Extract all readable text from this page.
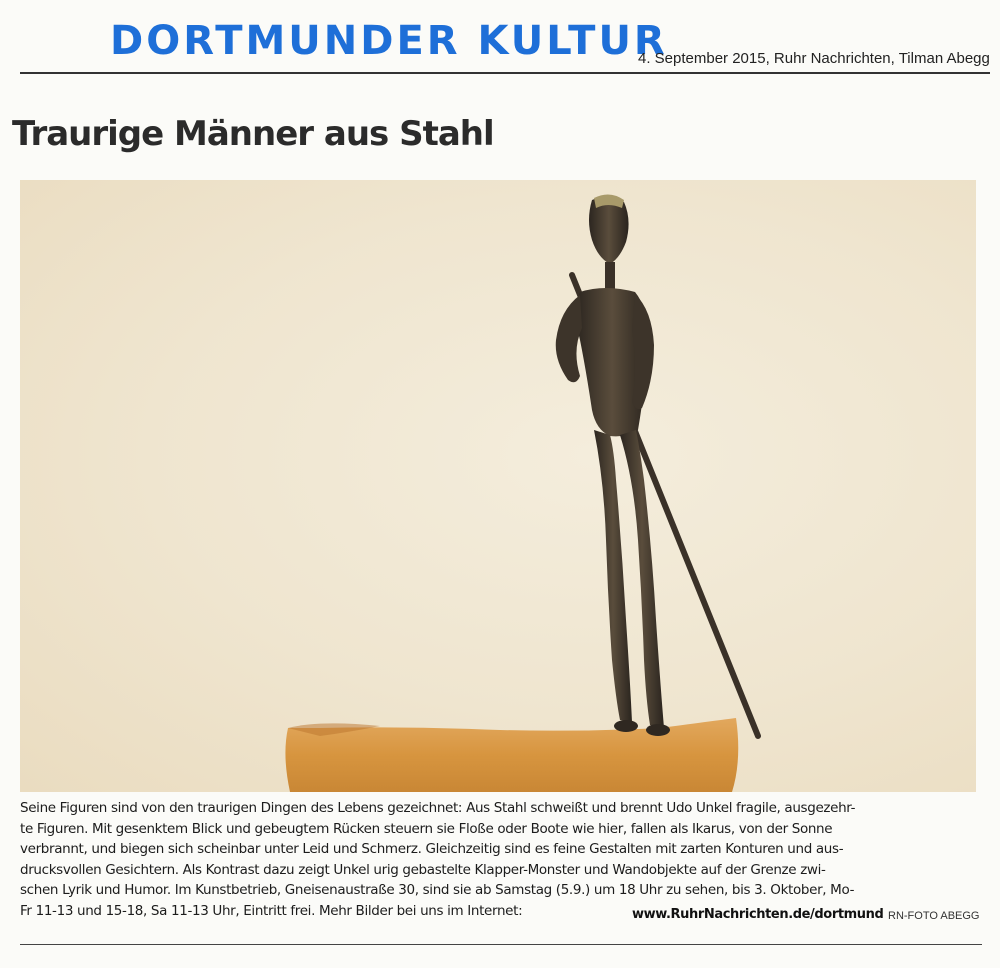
DORTMUNDER KULTUR
4. September 2015, Ruhr Nachrichten, Tilman Abegg
Traurige Männer aus Stahl

Seine Figuren sind von den traurigen Dingen des Lebens gezeichnet: Aus Stahl schweißt und brennt Udo Unkel fragile, ausgezehr-

te Figuren. Mit gesenktem Blick und gebeugtem Rücken steuern sie Floße oder Boote wie hier, fallen als Ikarus, von der Sonne

verbrannt, und biegen sich scheinbar unter Leid und Schmerz. Gleichzeitig sind es feine Gestalten mit zarten Konturen und aus-

drucksvollen Gesichtern. Als Kontrast dazu zeigt Unkel urig gebastelte Klapper-Monster und Wandobjekte auf der Grenze zwi-

schen Lyrik und Humor. Im Kunstbetrieb, Gneisenaustraße 30, sind sie ab Samstag (5.9.) um 18 Uhr zu sehen, bis 3. Oktober, Mo-

Fr 11-13 und 15-18, Sa 11-13 Uhr, Eintritt frei. Mehr Bilder bei uns im Internet:	www.RuhrNachrichten.de/dortmund RN-FOTO ABEGG
